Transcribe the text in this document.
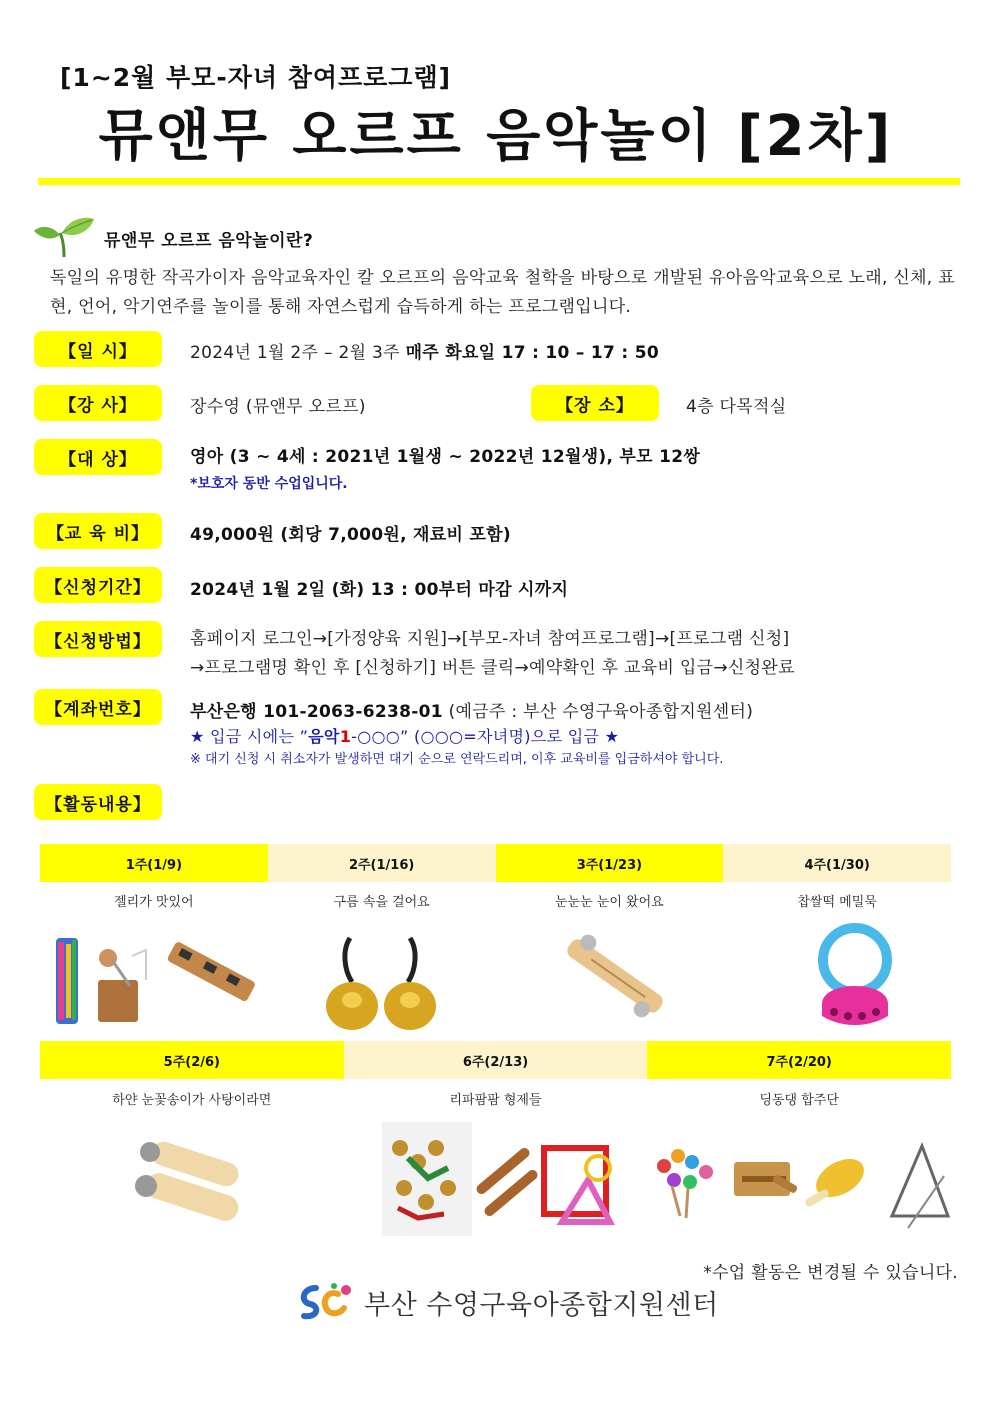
[1~2월 부모-자녀 참여프로그램]
뮤앤무 오르프 음악놀이 [2차]
뮤앤무 오르프 음악놀이란?
독일의 유명한 작곡가이자 음악교육자인 칼 오르프의 음악교육 철학을 바탕으로 개발된 유아음악교육으로 노래, 신체, 표현, 언어, 악기연주를 놀이를 통해 자연스럽게 습득하게 하는 프로그램입니다.
【일 시】	2024년 1월 2주 – 2월 3주 매주 화요일 17 : 10 – 17 : 50
【강 사】	장수영 (뮤앤무 오르프)	【장 소】	4층 다목적실
【대 상】	영아 (3 ~ 4세 : 2021년 1월생 ~ 2022년 12월생), 부모 12쌍
*보호자 동반 수업입니다.
【교 육 비】	49,000원 (회당 7,000원, 재료비 포함)
【신청기간】	2024년 1월 2일 (화) 13 : 00부터 마감 시까지
【신청방법】	홈페이지 로그인→[가정양육 지원]→[부모-자녀 참여프로그램]→[프로그램 신청]
→프로그램명 확인 후 [신청하기] 버튼 클릭→예약확인 후 교육비 입금→신청완료
【계좌번호】	부산은행 101-2063-6238-01 (예금주 : 부산 수영구육아종합지원센터)
★ 입금 시에는 ”음악1-○○○” (○○○=자녀명)으로 입금 ★
※ 대기 신청 시 취소자가 발생하면 대기 순으로 연락드리며, 이후 교육비를 입금하셔야 합니다.
【활동내용】
1주(1/9)	2주(1/16)	3주(1/23)	4주(1/30)
젤리가 맛있어	구름 속을 걸어요	눈눈눈 눈이 왔어요	찹쌀떡 메밀묵
5주(2/6)	6주(2/13)	7주(2/20)
하얀 눈꽃송이가 사탕이라면	리파팜팜 형제들	딩동댕 합주단
*수업 활동은 변경될 수 있습니다.
부산 수영구육아종합지원센터
